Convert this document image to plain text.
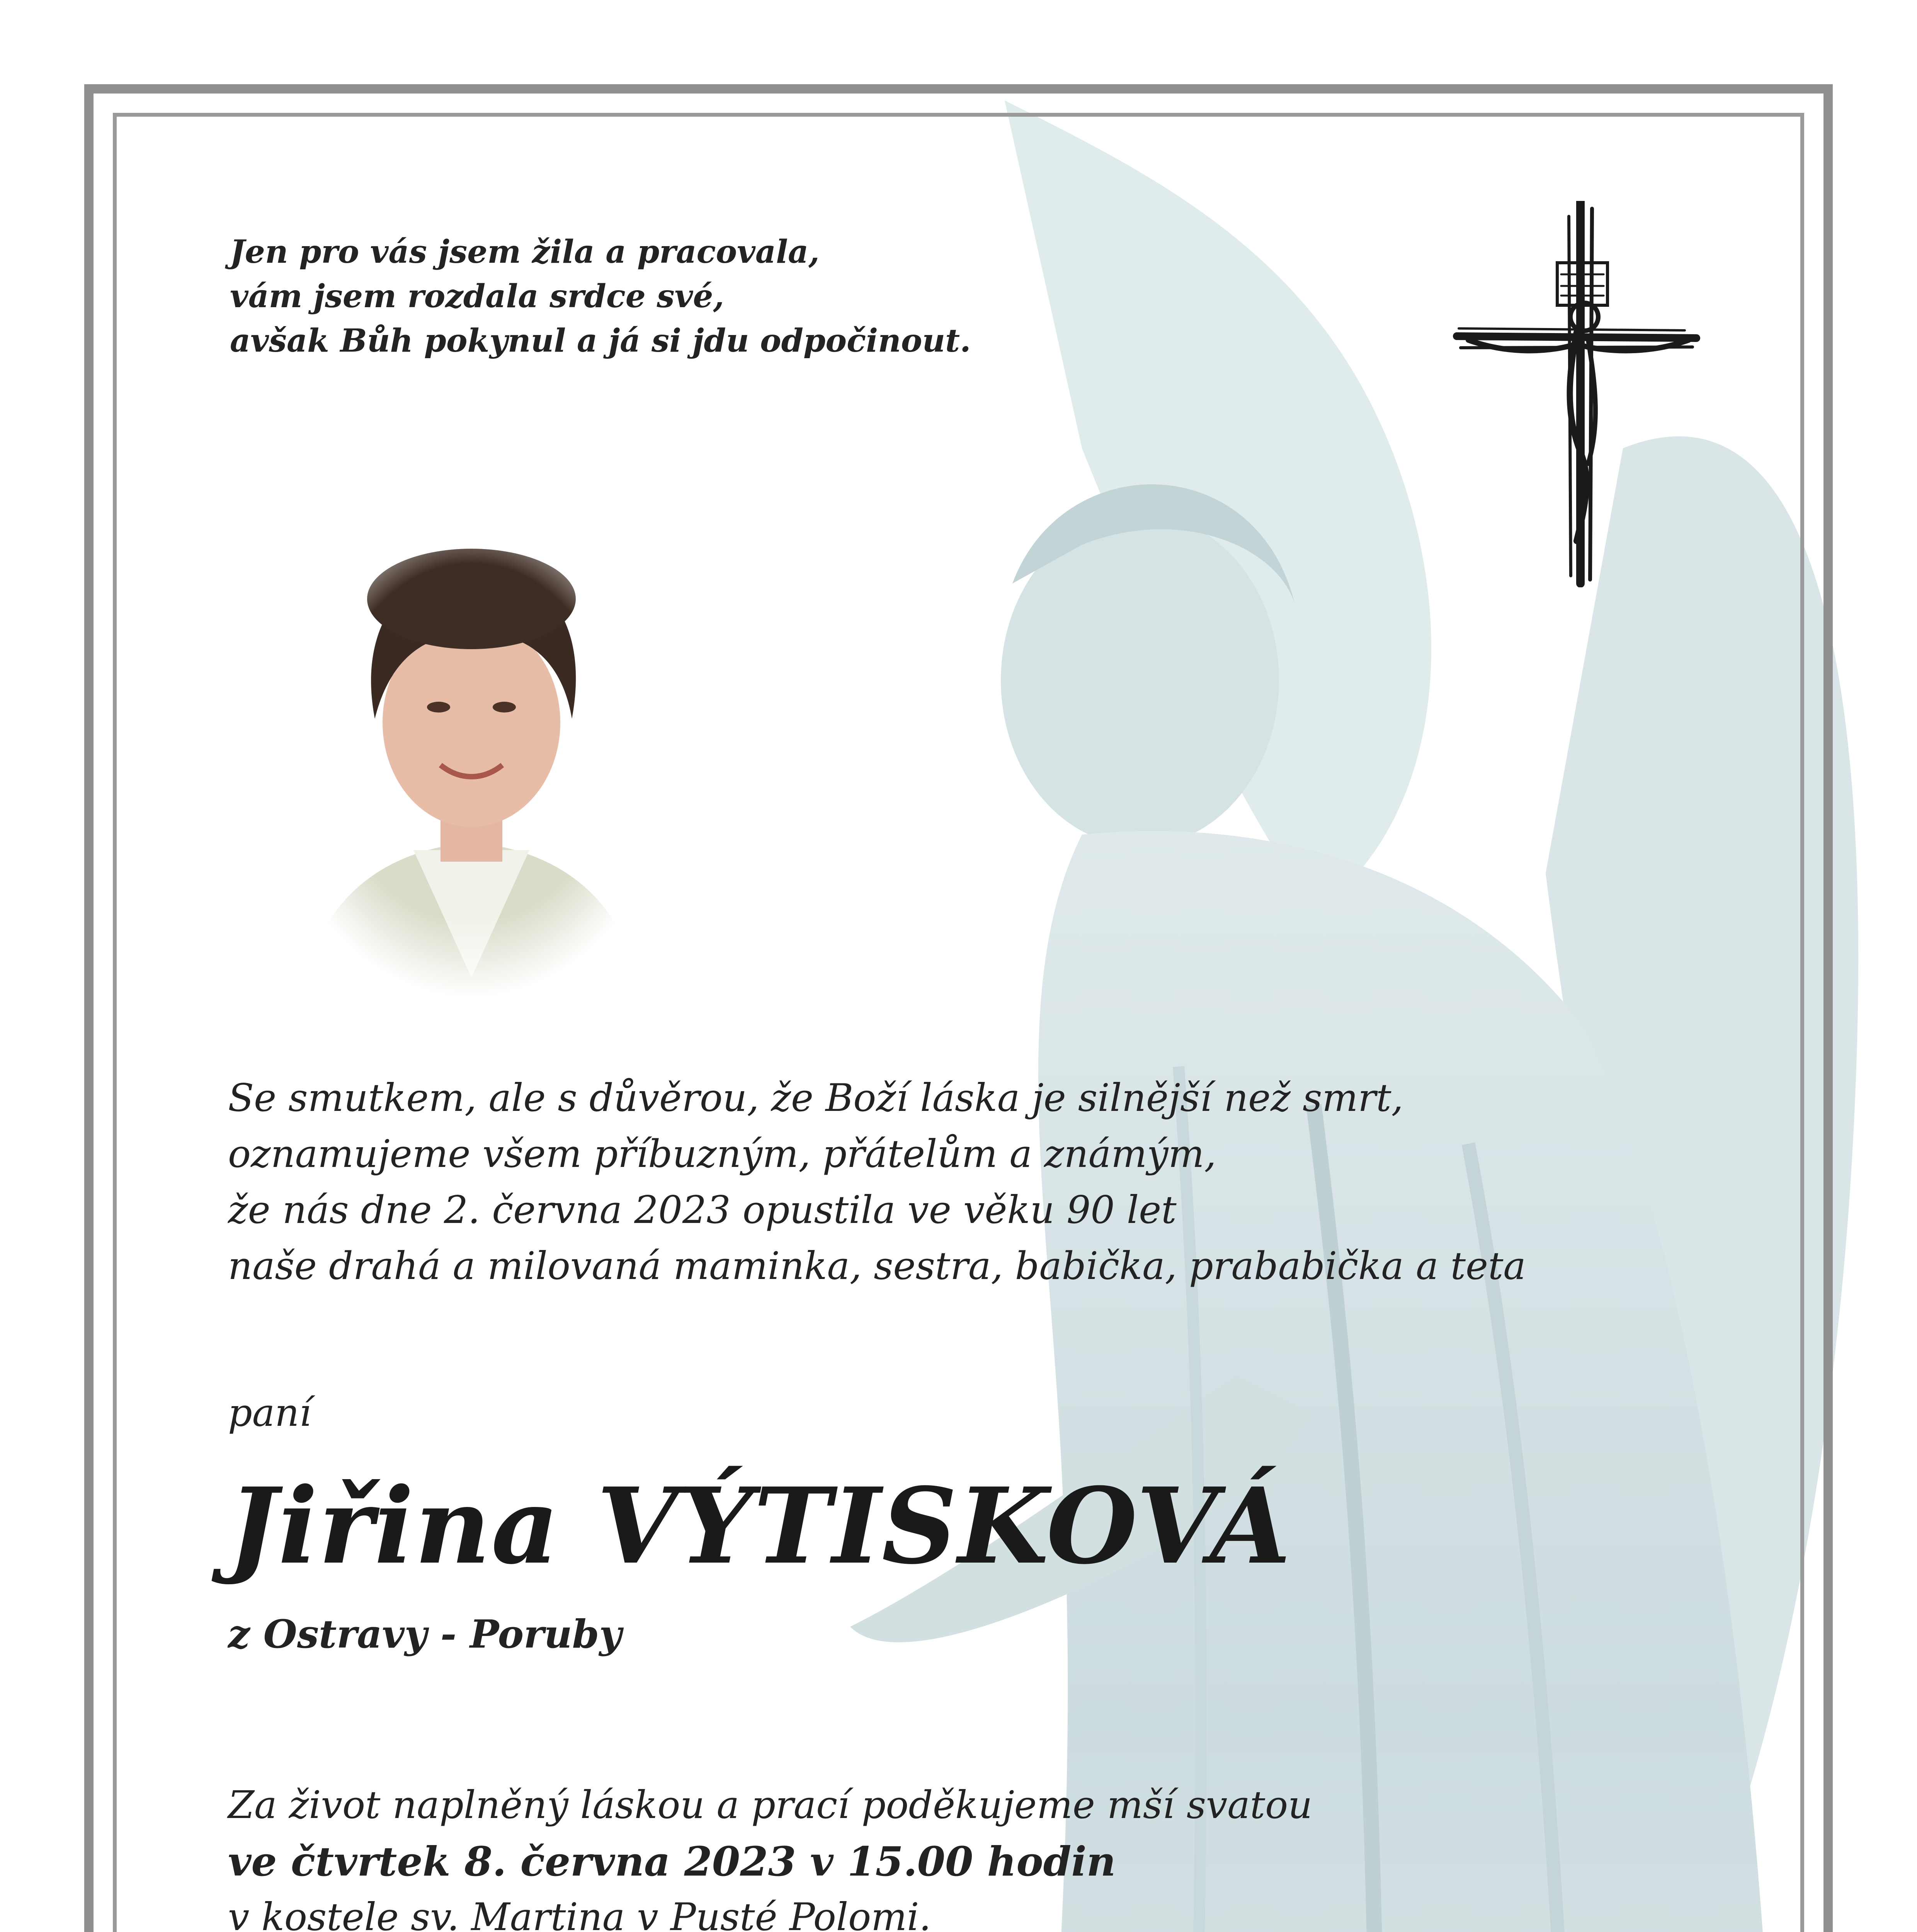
Jen pro vás jsem žila a pracovala,
vám jsem rozdala srdce své,
avšak Bůh pokynul a já si jdu odpočinout.
Se smutkem, ale s důvěrou, že Boží láska je silnější než smrt,
oznamujeme všem příbuzným, přátelům a známým,
že nás dne 2. června 2023 opustila ve věku 90 let
naše drahá a milovaná maminka, sestra, babička, prababička a teta
paní
Jiřina VÝTISKOVÁ
z Ostravy - Poruby
Za život naplněný láskou a prací poděkujeme mší svatou
ve čtvrtek 8. června 2023 v 15.00 hodin
v kostele sv. Martina v Pusté Polomi.
